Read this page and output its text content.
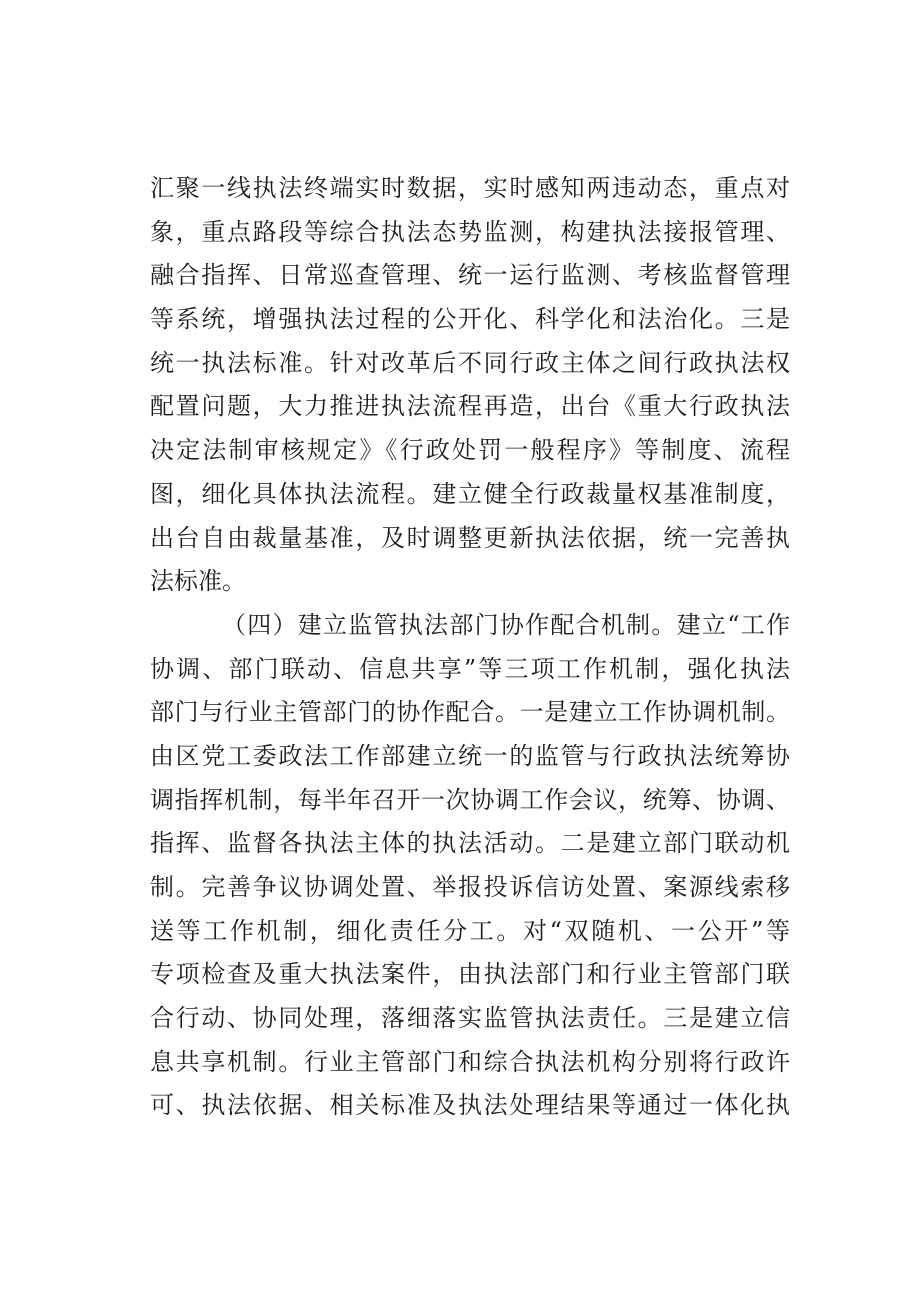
汇聚一线执法终端实时数据，实时感知两违动态，重点对
象，重点路段等综合执法态势监测，构建执法接报管理、
融合指挥、日常巡查管理、统一运行监测、考核监督管理
等系统，增强执法过程的公开化、科学化和法治化。三是
统一执法标准。针对改革后不同行政主体之间行政执法权
配置问题，大力推进执法流程再造，出台《重大行政执法
决定法制审核规定》《行政处罚一般程序》等制度、流程
图，细化具体执法流程。建立健全行政裁量权基准制度，
出台自由裁量基准，及时调整更新执法依据，统一完善执
法标准。
（四）建立监管执法部门协作配合机制。建立“工作
协调、部门联动、信息共享”等三项工作机制，强化执法
部门与行业主管部门的协作配合。一是建立工作协调机制。
由区党工委政法工作部建立统一的监管与行政执法统筹协
调指挥机制，每半年召开一次协调工作会议，统筹、协调、
指挥、监督各执法主体的执法活动。二是建立部门联动机
制。完善争议协调处置、举报投诉信访处置、案源线索移
送等工作机制，细化责任分工。对“双随机、一公开”等
专项检查及重大执法案件，由执法部门和行业主管部门联
合行动、协同处理，落细落实监管执法责任。三是建立信
息共享机制。行业主管部门和综合执法机构分别将行政许
可、执法依据、相关标准及执法处理结果等通过一体化执
